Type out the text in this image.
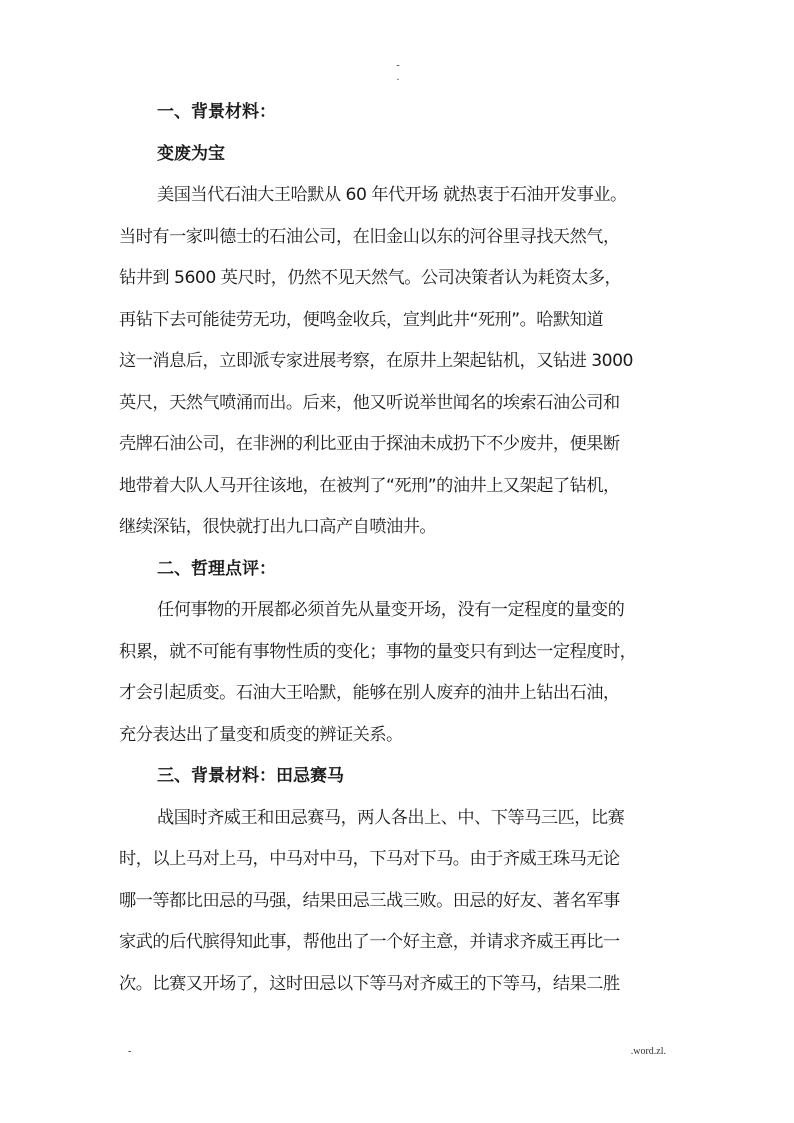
-
.
一、背景材料：
变废为宝
美国当代石油大王哈默从 60 年代开场 就热衷于石油开发事业。
当时有一家叫德士的石油公司，在旧金山以东的河谷里寻找天然气，
钻井到 5600 英尺时，仍然不见天然气。公司决策者认为耗资太多，
再钻下去可能徒劳无功，便鸣金收兵，宣判此井“死刑”。哈默知道
这一消息后，立即派专家进展考察，在原井上架起钻机，又钻进 3000
英尺，天然气喷涌而出。后来，他又听说举世闻名的埃索石油公司和
壳牌石油公司，在非洲的利比亚由于探油未成扔下不少废井，便果断
地带着大队人马开往该地，在被判了“死刑”的油井上又架起了钻机，
继续深钻，很快就打出九口高产自喷油井。
二、哲理点评：
任何事物的开展都必须首先从量变开场，没有一定程度的量变的
积累，就不可能有事物性质的变化；事物的量变只有到达一定程度时，
才会引起质变。石油大王哈默，能够在别人废弃的油井上钻出石油，
充分表达出了量变和质变的辨证关系。
三、背景材料：田忌赛马
战国时齐威王和田忌赛马，两人各出上、中、下等马三匹，比赛
时，以上马对上马，中马对中马，下马对下马。由于齐威王珠马无论
哪一等都比田忌的马强，结果田忌三战三败。田忌的好友、著名军事
家武的后代膑得知此事，帮他出了一个好主意，并请求齐威王再比一
次。比赛又开场了，这时田忌以下等马对齐威王的下等马，结果二胜
-	.word.zl.
